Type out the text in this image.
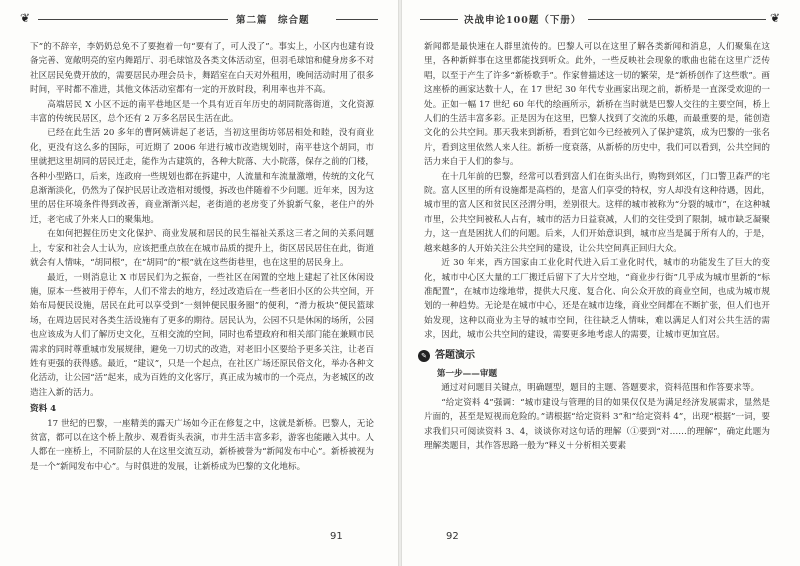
❦	第二篇　综合题

下”的不辞辛，李奶奶总免不了要抱着一句“要有了，可人没了”。事实上，小区内也建有设备完善、宽敞明亮的室内舞蹈厅、羽毛球馆及各类文体活动室，但羽毛球馆和健身房多不对社区居民免费开放的，需要居民办理会员卡，舞蹈室在白天对外租用，晚间活动时用了很多时间，平时都不准进，其他文体活动室都有一定的开放时段，利用率也并不高。

高端居民 X 小区不远的南平巷地区是一个具有近百年历史的胡同院落街道，文化资源丰富的传统民居区，总个还有 2 万多名居民生活在此。

已经在此生活 20 多年的曹阿姨讲起了老话，当初这里街坊邻居相处和睦，没有商业化，更没有这么多的国际，可近期了 2006 年进行城市改造规划时，南平巷这个胡同，市里就把这里胡同的居民迁走，能作为古建筑的，各种大院落、大小院落，保存之前的门楼，各种小型路口，后来，连政府一些规划也都在拆建中，人流量和车流量激增，传统的文化气息渐渐淡化，仍然为了保护民居让改造相对缓慢，拆改也伴随着不少问题。近年来，因为这里的居住环境条件得到改善，商业渐渐兴起，老街道的老房变了外貌新气象，老住户的外迁，老宅成了外来人口的聚集地。

在如何把握住历史文化保护、商业发展和居民的民生福祉关系这三者之间的关系问题上，专家和社会人士认为，应该把重点放在在城市品质的提升上，街区居民居住在此，街道就会有人情味，“胡同根”，在“胡同”的“根”就在这些街巷里，也在这里的居民身上。

最近，一则消息让 X 市居民们为之振奋，一些社区在闲置的空地上建起了社区休闲设施，原本一些被用于停车，人们不常去的地方，经过改造后在一些老旧小区的公共空间，开始布局便民设施，居民在此可以享受到“一刻钟便民服务圈”的便利，“滑力板块”便民篮球场，在周边居民对各类生活设施有了更多的期待。居民认为，公园不只是休闲的场所，公园也应该成为人们了解历史文化，互相交流的空间，同时也希望政府和相关部门能在兼顾市民需求的同时尊重城市发展规律，避免一刀切式的改造，对老旧小区要给予更多关注，让老百姓有更强的获得感。最近，“建议”，只是一个起点，在社区广场还原民俗文化，举办各种文化活动，让公园“活”起来，成为百姓的文化客厅，真正成为城市的一个亮点，为老城区的改造注入新的活力。

资料 4

17 世纪的巴黎，一座精美的露天广场如今正在修复之中，这就是新桥。巴黎人，无论贫富，都可以在这个桥上散步、观看街头表演，市井生活丰富多彩，游客也能融入其中。人人都在一座桥上，不同阶层的人在这里交流互动，新桥被誉为“新闻发布中心”。新桥被视为是一个“新闻发布中心”。与时俱进的发展，让新桥成为巴黎的文化地标。

91
决战申论100题（下册）	❦

新闻都是最快速在人群里流传的。巴黎人可以在这里了解各类新闻和消息，人们聚集在这里，各种新鲜事在这里都能找到听众。此外，一些反映社会现象的歌曲也能在这里广泛传唱，以至于产生了许多“新桥歌手”。作家曾描述这一切的繁荣，是“新桥创作了这些歌”。画这座桥的画家达数十人，在 17 世纪 30 年代专业画家出现之前，新桥是一直深受欢迎的一处。正如一幅 17 世纪 60 年代的绘画所示，新桥在当时就是巴黎人交往的主要空间，桥上人们的生活丰富多彩。正是因为在这里，巴黎人找到了交流的乐趣，而最重要的是，能创造文化的公共空间。那天我来到新桥，看到它如今已经被列入了保护建筑，成为巴黎的一张名片，看到这里依然人来人往。新桥一度衰落，从新桥的历史中，我们可以看到，公共空间的活力来自于人们的参与。

在十几年前的巴黎，经常可以看到富人们在街头出行，购物到郊区，门口警卫森严的宅院。富人区里的所有设施都是高档的，是富人们享受的特权，穷人却没有这种待遇，因此，城市里的富人区和贫民区泾渭分明，差别很大。这样的城市被称为“分裂的城市”，在这种城市里，公共空间被私人占有，城市的活力日益衰减，人们的交往受到了限制，城市缺乏凝聚力，这一直是困扰人们的问题。后来，人们开始意识到，城市应当是属于所有人的，于是，越来越多的人开始关注公共空间的建设，让公共空间真正回归大众。

近 30 年来，西方国家由工业化时代进入后工业化时代，城市的功能发生了巨大的变化，城市中心区大量的工厂搬迁后留下了大片空地，“商业步行街”几乎成为城市里新的“标准配置”，在城市边缘地带，提供大尺度、复合化、向公众开放的商业空间，也成为城市规划的一种趋势。无论是在城市中心，还是在城市边缘，商业空间都在不断扩张，但人们也开始发现，这种以商业为主导的城市空间，往往缺乏人情味，难以满足人们对公共生活的需求，因此，城市公共空间的建设，需要更多地考虑人的需要，让城市更加宜居。

✎ 答题演示

第一步——审题

通过对问题目关键点，明确题型，题目的主题、答题要求，资料范围和作答要求等。

“给定资料 4”强调：“城市建设与管理的目的如果仅仅是为满足经济发展需求，显然是片面的，甚至是短视而危险的。”请根据“给定资料 3”和“给定资料 4”，出现“根据”一词，要求我们只可阅读资料 3、4，谈谈你对这句话的理解（①要到“对……的理解”，确定此题为理解类题目，其作答思路一般为“释义＋分析相关要素

92
